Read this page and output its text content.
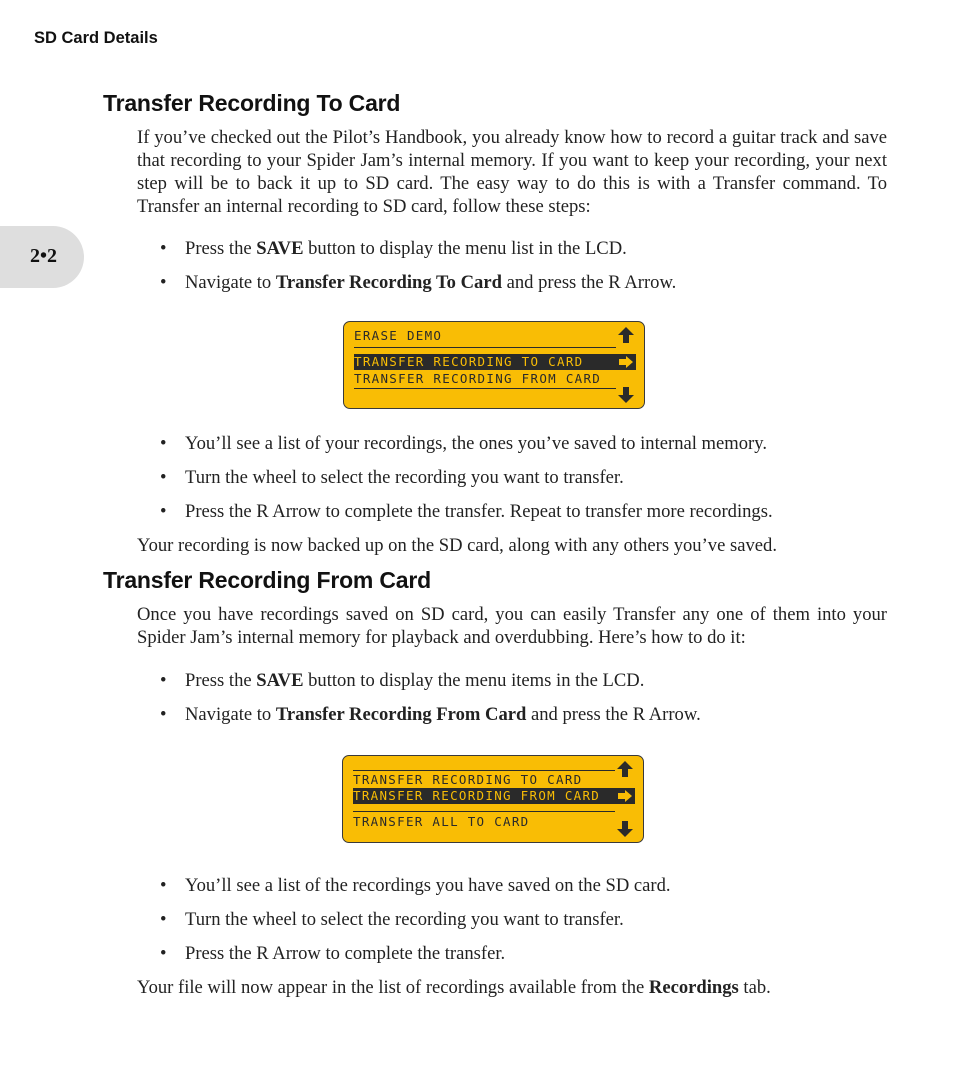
SD Card Details
2•2
Transfer Recording To Card

If you’ve checked out the Pilot’s Handbook, you already know how to record a guitar track and save that recording to your Spider Jam’s internal memory. If you want to keep your recording, your next step will be to back it up to SD card. The easy way to do this is with a Transfer command. To Transfer an internal recording to SD card, follow these steps:

• Press the SAVE button to display the menu list in the LCD.

• Navigate to Transfer Recording To Card and press the R Arrow.

ERASE DEMO
TRANSFER RECORDING TO CARD
TRANSFER RECORDING FROM CARD

• You’ll see a list of your recordings, the ones you’ve saved to internal memory.

• Turn the wheel to select the recording you want to transfer.

• Press the R Arrow to complete the transfer. Repeat to transfer more recordings.

Your recording is now backed up on the SD card, along with any others you’ve saved.

Transfer Recording From Card

Once you have recordings saved on SD card, you can easily Transfer any one of them into your Spider Jam’s internal memory for playback and overdubbing. Here’s how to do it:

• Press the SAVE button to display the menu items in the LCD.

• Navigate to Transfer Recording From Card and press the R Arrow.

TRANSFER RECORDING TO CARD
TRANSFER RECORDING FROM CARD
TRANSFER ALL TO CARD

• You’ll see a list of the recordings you have saved on the SD card.

• Turn the wheel to select the recording you want to transfer.

• Press the R Arrow to complete the transfer.

Your file will now appear in the list of recordings available from the Recordings tab.
